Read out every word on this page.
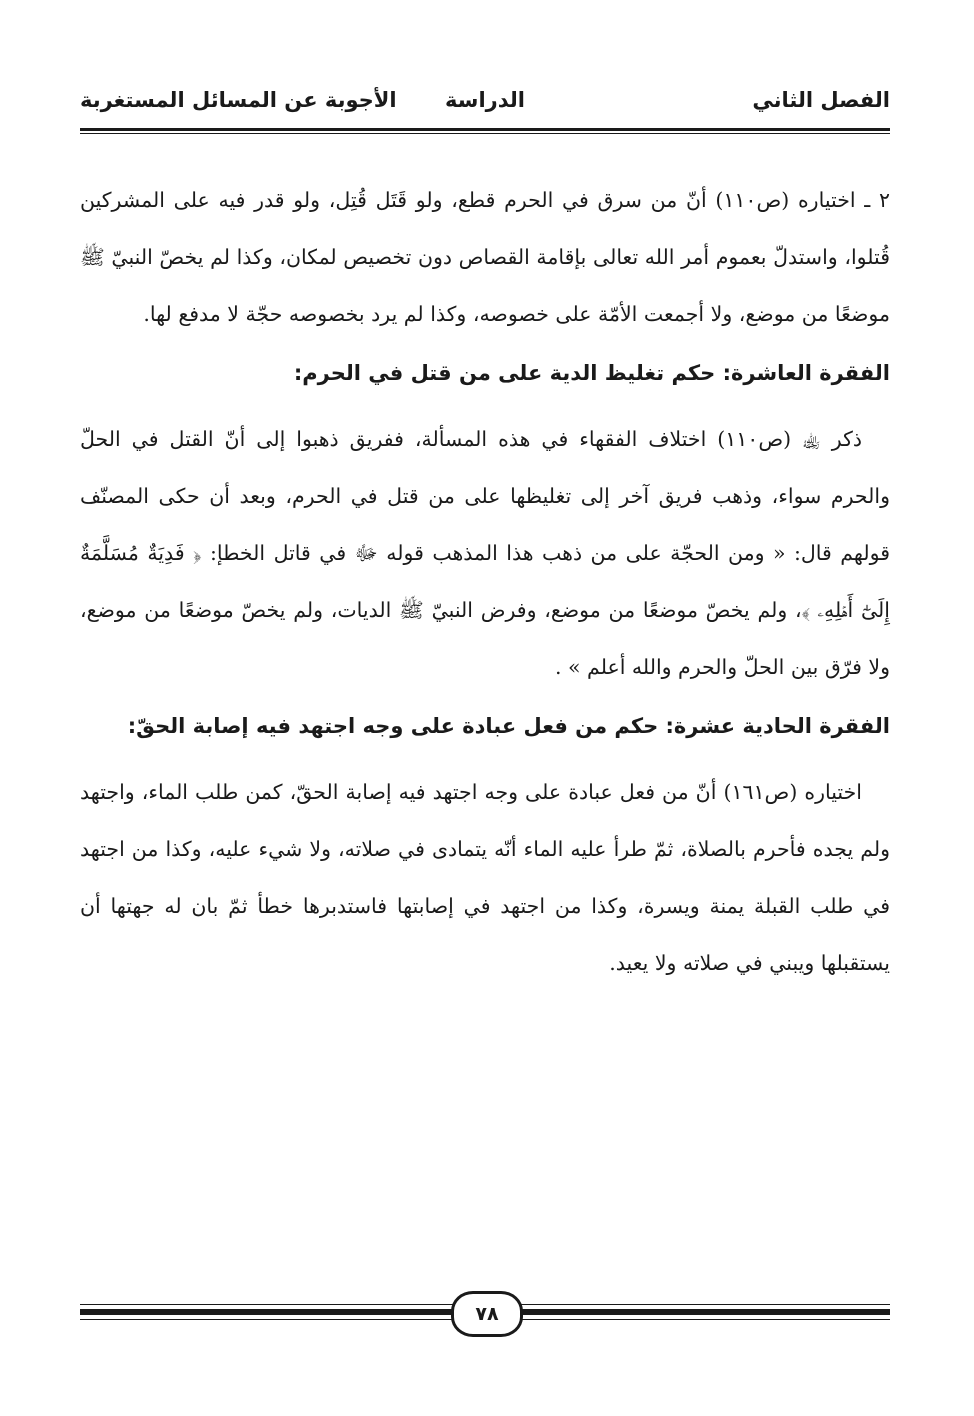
الفصل الثاني
الدراسة
الأجوبة عن المسائل المستغربة

٢ ـ اختياره (ص١١٠) أنّ من سرق في الحرم قطع، ولو قَتَل قُتِل، ولو قدر فيه على المشركين قُتلوا، واستدلّ بعموم أمر الله تعالى بإقامة القصاص دون تخصيص لمكان، وكذا لم يخصّ النبيّ ﷺ موضعًا من موضع، ولا أجمعت الأمّة على خصوصه، وكذا لم يرد بخصوصه حجّة لا مدفع لها.

الفقرة العاشرة: حكم تغليظ الدية على من قتل في الحرم:

ذكر ﵀ (ص١١٠) اختلاف الفقهاء في هذه المسألة، ففريق ذهبوا إلى أنّ القتل في الحلّ والحرم سواء، وذهب فريق آخر إلى تغليظها على من قتل في الحرم، وبعد أن حكى المصنّف قولهم قال: « ومن الحجّة على من ذهب هذا المذهب قوله ﷻ في قاتل الخطإ: ﴿ فَدِيَةٌ مُسَلَّمَةٌ إِلَىٰٓ أَهۡلِهِۦ ﴾، ولم يخصّ موضعًا من موضع، وفرض النبيّ ﷺ الديات، ولم يخصّ موضعًا من موضع، ولا فرّق بين الحلّ والحرم والله أعلم » .

الفقرة الحادية عشرة: حكم من فعل عبادة على وجه اجتهد فيه إصابة الحقّ:

اختياره (ص١٦١) أنّ من فعل عبادة على وجه اجتهد فيه إصابة الحقّ، كمن طلب الماء، واجتهد ولم يجده فأحرم بالصلاة، ثمّ طرأ عليه الماء أنّه يتمادى في صلاته، ولا شيء عليه، وكذا من اجتهد في طلب القبلة يمنة ويسرة، وكذا من اجتهد في إصابتها فاستدبرها خطأ ثمّ بان له جهتها أن يستقبلها ويبني في صلاته ولا يعيد.

٧٨
